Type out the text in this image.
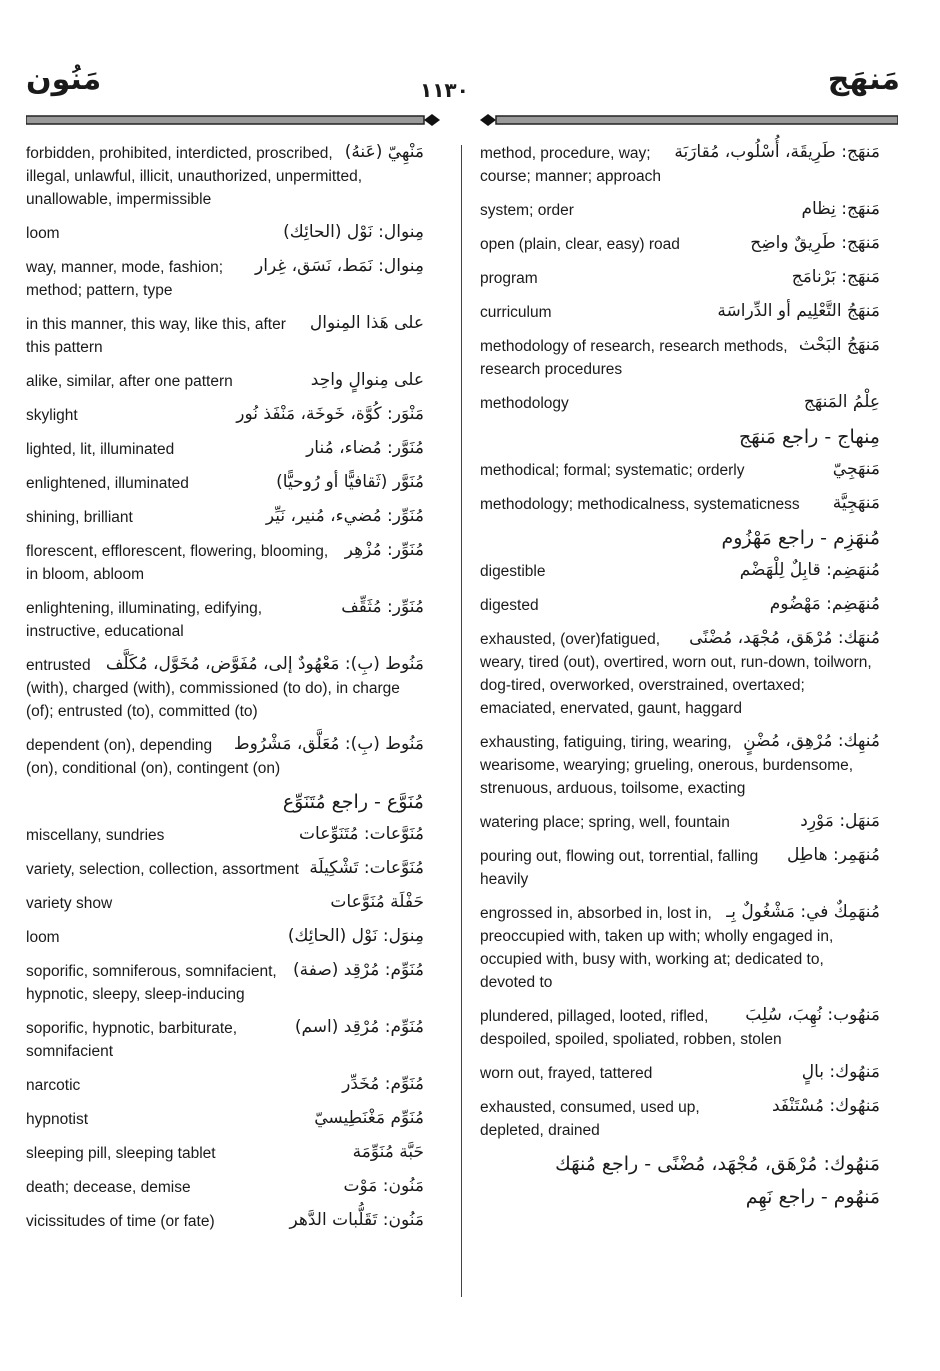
مَنُون	١١٣٠	مَنهَج
مَنْهِيّ (عَنهُ)
forbidden, prohibited, interdicted, proscribed, illegal, unlawful, illicit, unauthorized, unpermitted, unallowable, impermissible
مِنوال: نَوْل (الحائِك)
loom
مِنوال: نَمَط، نَسَق، غِرار
way, manner, mode, fashion; method; pattern, type
على هَذا المِنوال
in this manner, this way, like this, after this pattern
على مِنوالٍ واحِد
alike, similar, after one pattern
مَنْوَر: كُوَّة، خَوخَة، مَنْفَذ نُور
skylight
مُنَوَّر: مُضاء، مُنار
lighted, lit, illuminated
مُنَوَّر (ثَقافيًّا أو رُوحيًّا)
enlightened, illuminated
مُنَوِّر: مُضيء، مُنير، نَيِّر
shining, brilliant
مُنَوِّر: مُزْهِر
florescent, efflorescent, flowering, blooming, in bloom, abloom
مُنَوِّر: مُثَقِّف
enlightening, illuminating, edifying, instructive, educational
مَنُوط (بِ): مَعْهُودٌ إلى، مُفَوَّض، مُخَوَّل، مُكَلَّف
entrusted (with), charged (with), commissioned (to do), in charge (of); entrusted (to), committed (to)
مَنُوط (بِ): مُعَلَّق، مَشْرُوط
dependent (on), depending (on), conditional (on), contingent (on)
مُنَوَّع - راجع مُتَنَوِّع
مُنَوَّعات: مُتَنَوِّعات
miscellany, sundries
مُنَوَّعات: تَشْكِيلَة
variety, selection, collection, assortment
حَفْلَة مُنَوَّعات
variety show
مِنوَل: نَوْل (الحائِك)
loom
مُنَوِّم: مُرْقِد (صفة)
soporific, somniferous, somnifacient, hypnotic, sleepy, sleep-inducing
مُنَوِّم: مُرْقِد (اسم)
soporific, hypnotic, barbiturate, somnifacient
مُنَوِّم: مُخَدِّر
narcotic
مُنَوِّم مَغْنَطِيسيّ
hypnotist
حَبَّة مُنَوِّمَة
sleeping pill, sleeping tablet
مَنُون: مَوْت
death; decease, demise
مَنُون: تَقَلُّبات الدَّهر
vicissitudes of time (or fate)
مَنهَج: طَرِيقَة، أُسْلُوب، مُقارَبَة
method, procedure, way; course; manner; approach
مَنهَج: نِظام
system; order
مَنهَج: طَرِيقٌ واضِح
open (plain, clear, easy) road
مَنهَج: بَرْنامَج
program
مَنهَجُ التَّعْلِيم أو الدِّراسَة
curriculum
مَنهَجُ البَحْث
methodology of research, research methods, research procedures
عِلْمُ المَنهَج
methodology
مِنهاج - راجع مَنهَج
مَنهَجِيّ
methodical; formal; systematic; orderly
مَنهَجِيَّة
methodology; methodicalness, systematicness
مُنهَزِم - راجع مَهْزُوم
مُنهَضِم: قابِلٌ لِلْهَضْم
digestible
مُنهَضِم: مَهْضُوم
digested
مُنهَك: مُرْهَق، مُجْهَد، مُضْنًى
exhausted, (over)fatigued, weary, tired (out), overtired, worn out, run-down, toilworn, dog-tired, overworked, overstrained, overtaxed; emaciated, enervated, gaunt, haggard
مُنهِك: مُرْهِق، مُضْنٍ
exhausting, fatiguing, tiring, wearing, wearisome, wearying; grueling, onerous, burdensome, strenuous, arduous, toilsome, exacting
مَنهَل: مَوْرِد
watering place; spring, well, fountain
مُنهَمِر: هاطِل
pouring out, flowing out, torrential, falling heavily
مُنهَمِكٌ في: مَشْغُولٌ بِـ
engrossed in, absorbed in, lost in, preoccupied with, taken up with; wholly engaged in, occupied with, busy with, working at; dedicated to, devoted to
مَنهُوب: نُهِبَ، سُلِبَ
plundered, pillaged, looted, rifled, despoiled, spoiled, spoliated, robben, stolen
مَنهُوك: بالٍ
worn out, frayed, tattered
مَنهُوك: مُسْتَنْفَد
exhausted, consumed, used up, depleted, drained
مَنهُوك: مُرْهَق، مُجْهَد، مُضْنًى - راجع مُنهَك
مَنهُوم - راجع نَهِم
